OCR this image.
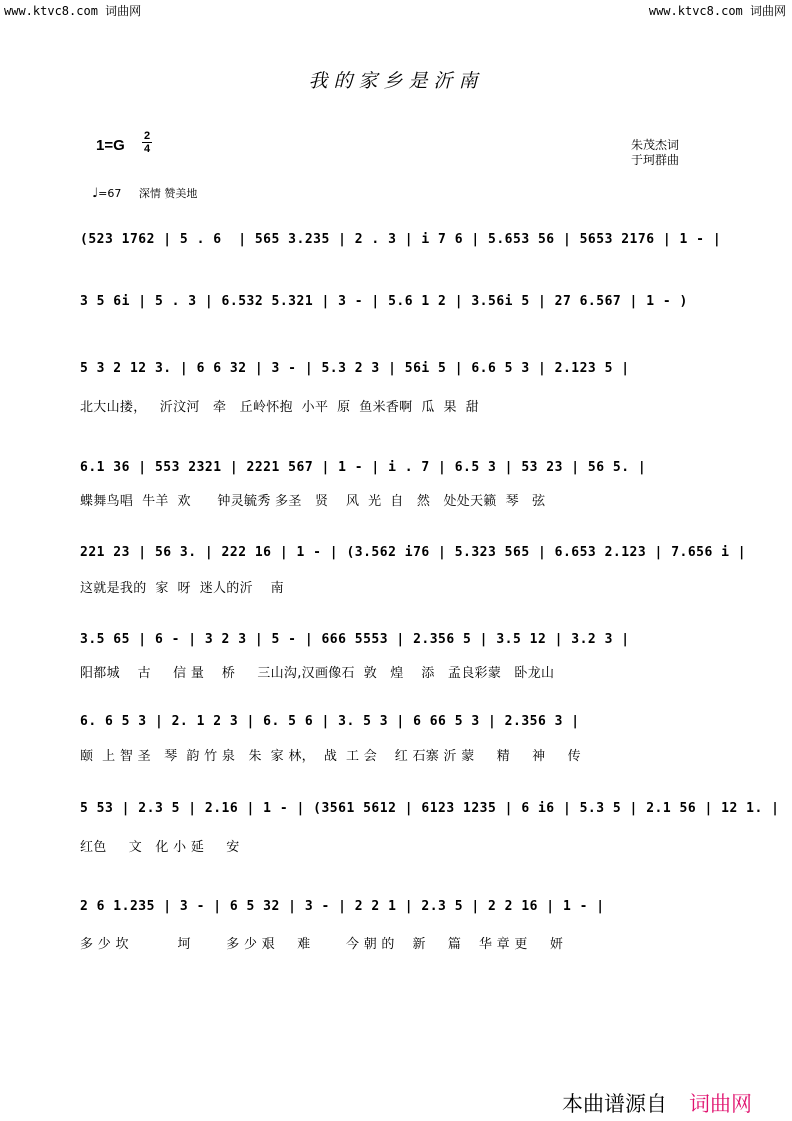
www.ktvc8.com 词曲网	www.ktvc8.com 词曲网
我的家乡是沂南
1=G
2
4	朱茂杰词
于珂群曲
♩=67 深情 赞美地
(523 1762 | 5 . 6  | 565 3.235 | 2 . 3 | i 7 6 | 5.653 56 | 5653 2176 | 1 - |
3 5 6i | 5 . 3 | 6.532 5.321 | 3 - | 5.6 1 2 | 3.56i 5 | 27 6.567 | 1 - )
5 3 2 12 3. | 6 6 32 | 3 - | 5.3 2 3 | 56i 5 | 6.6 5 3 | 2.123 5 |
北大山搂，   沂汶河   牵   丘岭怀抱  小平  原  鱼米香啊  瓜  果  甜
6.1 36 | 553 2321 | 2221 567 | 1 - | i . 7 | 6.5 3 | 53 23 | 56 5. |
蝶舞鸟唱  牛羊  欢      钟灵毓秀 多圣   贤    风  光  自   然   处处天籁  琴   弦
221 23 | 56 3. | 222 16 | 1 - | (3.562 i76 | 5.323 565 | 6.653 2.123 | 7.656 i |
这就是我的  家  呀  迷人的沂    南
3.5 65 | 6 - | 3 2 3 | 5 - | 666 5553 | 2.356 5 | 3.5 12 | 3.2 3 |
阳都城    古     信 量    桥     三山沟,汉画像石  敦   煌    添   孟良彩蒙   卧龙山
6. 6 5 3 | 2. 1 2 3 | 6. 5 6 | 3. 5 3 | 6 66 5 3 | 2.356 3 |
颐  上 智 圣   琴  韵 竹 泉   朱  家 林，  战  工 会    红 石寨 沂 蒙     精     神     传
5 53 | 2.3 5 | 2.16 | 1 - | (3561 5612 | 6123 1235 | 6 i6 | 5.3 5 | 2.1 56 | 12 1. |
红色     文   化 小 延     安
2 6 1.235 | 3 - | 6 5 32 | 3 - | 2 2 1 | 2.3 5 | 2 2 16 | 1 - |
多 少 坎           坷        多 少 艰     难        今 朝 的    新     篇    华 章 更     妍
本曲谱源自 词曲网
